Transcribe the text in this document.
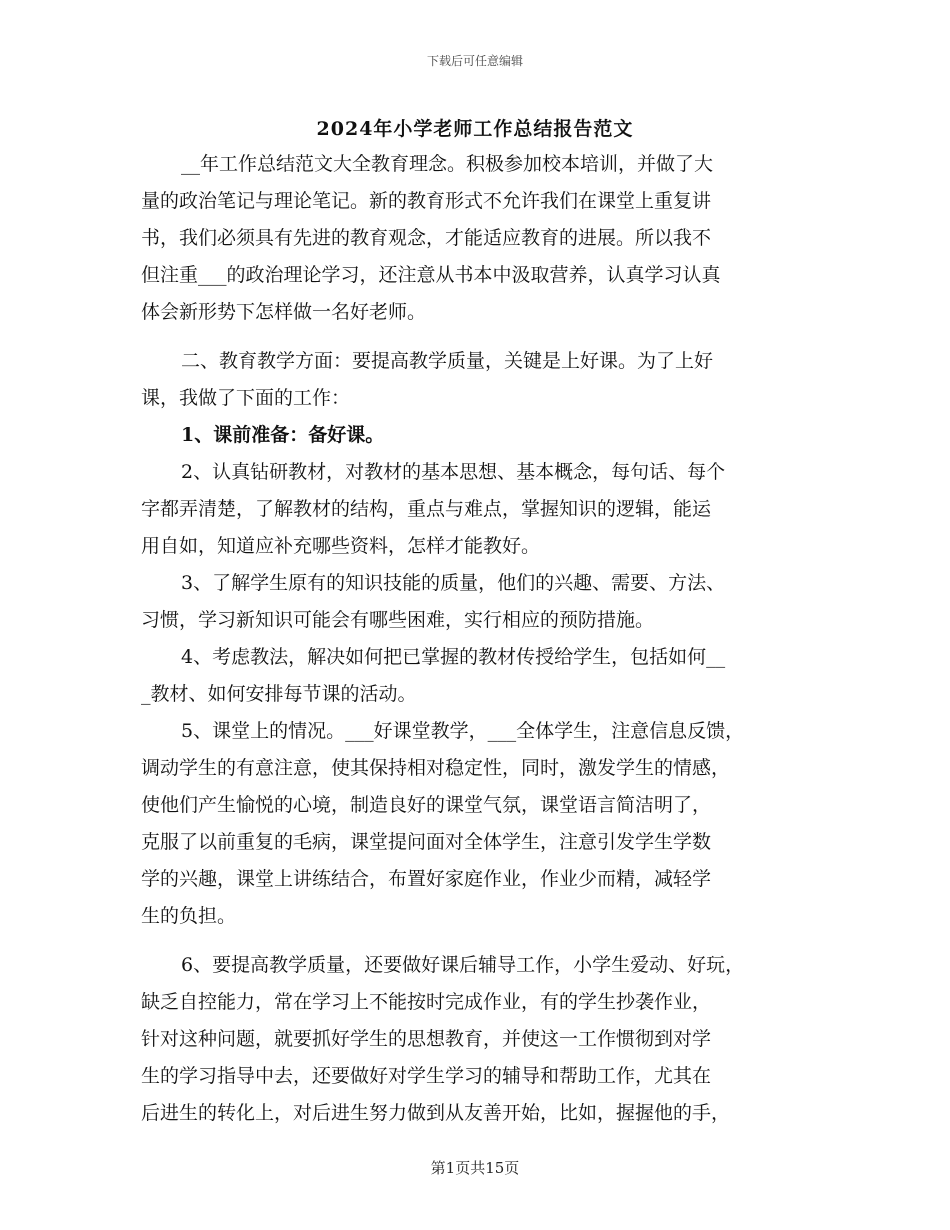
下载后可任意编辑
2024年小学老师工作总结报告范文
__年工作总结范文大全教育理念。积极参加校本培训，并做了大
量的政治笔记与理论笔记。新的教育形式不允许我们在课堂上重复讲
书，我们必须具有先进的教育观念，才能适应教育的进展。所以我不
但注重___的政治理论学习，还注意从书本中汲取营养，认真学习认真
体会新形势下怎样做一名好老师。
二、教育教学方面：要提高教学质量，关键是上好课。为了上好
课，我做了下面的工作：
1、课前准备：备好课。
2、认真钻研教材，对教材的基本思想、基本概念，每句话、每个
字都弄清楚，了解教材的结构，重点与难点，掌握知识的逻辑，能运
用自如，知道应补充哪些资料，怎样才能教好。
3、了解学生原有的知识技能的质量，他们的兴趣、需要、方法、
习惯，学习新知识可能会有哪些困难，实行相应的预防措施。
4、考虑教法，解决如何把已掌握的教材传授给学生，包括如何__
_教材、如何安排每节课的活动。
5、课堂上的情况。___好课堂教学，___全体学生，注意信息反馈，
调动学生的有意注意，使其保持相对稳定性，同时，激发学生的情感，
使他们产生愉悦的心境，制造良好的课堂气氛，课堂语言简洁明了，
克服了以前重复的毛病，课堂提问面对全体学生，注意引发学生学数
学的兴趣，课堂上讲练结合，布置好家庭作业，作业少而精，减轻学
生的负担。
6、要提高教学质量，还要做好课后辅导工作，小学生爱动、好玩，
缺乏自控能力，常在学习上不能按时完成作业，有的学生抄袭作业，
针对这种问题，就要抓好学生的思想教育，并使这一工作惯彻到对学
生的学习指导中去，还要做好对学生学习的辅导和帮助工作，尤其在
后进生的转化上，对后进生努力做到从友善开始，比如，握握他的手，
第1页共15页
